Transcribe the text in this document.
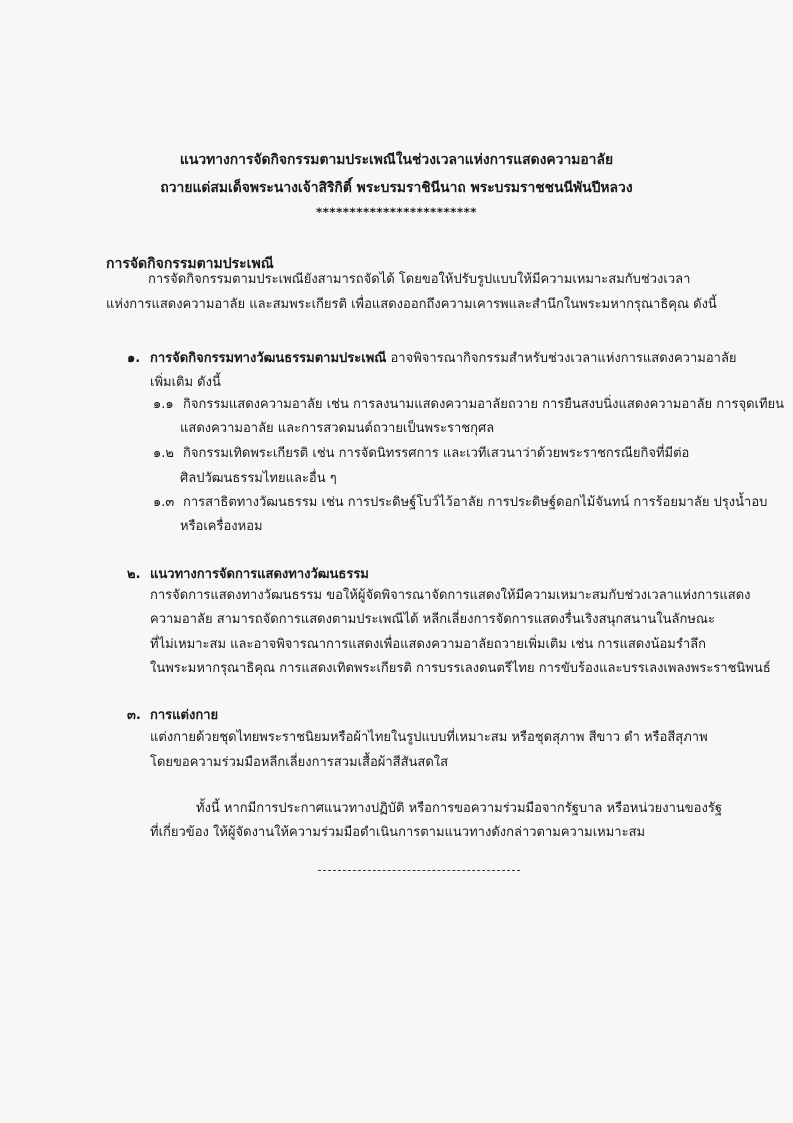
แนวทางการจัดกิจกรรมตามประเพณีในช่วงเวลาแห่งการแสดงความอาลัย
ถวายแด่สมเด็จพระนางเจ้าสิริกิติ์ พระบรมราชินีนาถ พระบรมราชชนนีพันปีหลวง
************************
การจัดกิจกรรมตามประเพณี
การจัดกิจกรรมตามประเพณียังสามารถจัดได้ โดยขอให้ปรับรูปแบบให้มีความเหมาะสมกับช่วงเวลา
แห่งการแสดงความอาลัย และสมพระเกียรติ เพื่อแสดงออกถึงความเคารพและสำนึกในพระมหากรุณาธิคุณ ดังนี้
๑. การจัดกิจกรรมทางวัฒนธรรมตามประเพณี อาจพิจารณากิจกรรมสำหรับช่วงเวลาแห่งการแสดงความอาลัย
เพิ่มเติม ดังนี้
๑.๑ กิจกรรมแสดงความอาลัย เช่น การลงนามแสดงความอาลัยถวาย การยืนสงบนิ่งแสดงความอาลัย การจุดเทียน
แสดงความอาลัย และการสวดมนต์ถวายเป็นพระราชกุศล
๑.๒ กิจกรรมเทิดพระเกียรติ เช่น การจัดนิทรรศการ และเวทีเสวนาว่าด้วยพระราชกรณียกิจที่มีต่อ
ศิลปวัฒนธรรมไทยและอื่น ๆ
๑.๓ การสาธิตทางวัฒนธรรม เช่น การประดิษฐ์โบว์ไว้อาลัย การประดิษฐ์ดอกไม้จันทน์ การร้อยมาลัย ปรุงน้ำอบ
หรือเครื่องหอม
๒. แนวทางการจัดการแสดงทางวัฒนธรรม
การจัดการแสดงทางวัฒนธรรม ขอให้ผู้จัดพิจารณาจัดการแสดงให้มีความเหมาะสมกับช่วงเวลาแห่งการแสดง
ความอาลัย สามารถจัดการแสดงตามประเพณีได้ หลีกเลี่ยงการจัดการแสดงรื่นเริงสนุกสนานในลักษณะ
ที่ไม่เหมาะสม และอาจพิจารณาการแสดงเพื่อแสดงความอาลัยถวายเพิ่มเติม เช่น การแสดงน้อมรำลึก
ในพระมหากรุณาธิคุณ การแสดงเทิดพระเกียรติ การบรรเลงดนตรีไทย การขับร้องและบรรเลงเพลงพระราชนิพนธ์
๓. การแต่งกาย
แต่งกายด้วยชุดไทยพระราชนิยมหรือผ้าไทยในรูปแบบที่เหมาะสม หรือชุดสุภาพ สีขาว ดำ หรือสีสุภาพ
โดยขอความร่วมมือหลีกเลี่ยงการสวมเสื้อผ้าสีสันสดใส
ทั้งนี้ หากมีการประกาศแนวทางปฏิบัติ หรือการขอความร่วมมือจากรัฐบาล หรือหน่วยงานของรัฐ
ที่เกี่ยวข้อง ให้ผู้จัดงานให้ความร่วมมือดำเนินการตามแนวทางดังกล่าวตามความเหมาะสม
